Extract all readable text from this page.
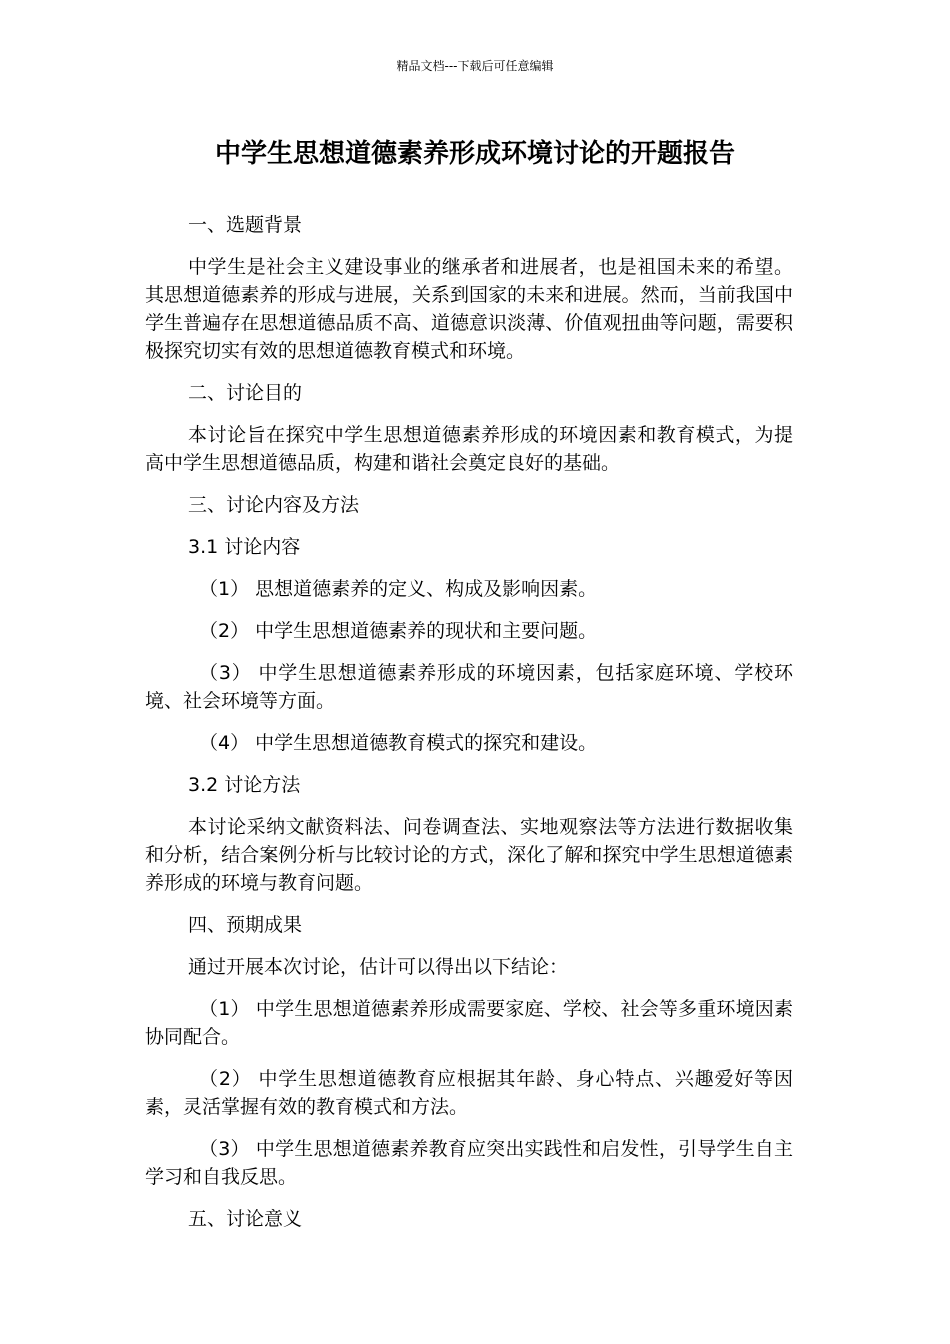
精品文档---下载后可任意编辑
中学生思想道德素养形成环境讨论的开题报告

一、选题背景

中学生是社会主义建设事业的继承者和进展者，也是祖国未来的希望。其思想道德素养的形成与进展，关系到国家的未来和进展。然而，当前我国中学生普遍存在思想道德品质不高、道德意识淡薄、价值观扭曲等问题，需要积极探究切实有效的思想道德教育模式和环境。

二、讨论目的

本讨论旨在探究中学生思想道德素养形成的环境因素和教育模式，为提高中学生思想道德品质，构建和谐社会奠定良好的基础。

三、讨论内容及方法

3.1 讨论内容

（1） 思想道德素养的定义、构成及影响因素。

（2） 中学生思想道德素养的现状和主要问题。

（3） 中学生思想道德素养形成的环境因素，包括家庭环境、学校环境、社会环境等方面。

（4） 中学生思想道德教育模式的探究和建设。

3.2 讨论方法

本讨论采纳文献资料法、问卷调查法、实地观察法等方法进行数据收集和分析，结合案例分析与比较讨论的方式，深化了解和探究中学生思想道德素养形成的环境与教育问题。

四、预期成果

通过开展本次讨论，估计可以得出以下结论：

（1） 中学生思想道德素养形成需要家庭、学校、社会等多重环境因素协同配合。

（2） 中学生思想道德教育应根据其年龄、身心特点、兴趣爱好等因素，灵活掌握有效的教育模式和方法。

（3） 中学生思想道德素养教育应突出实践性和启发性，引导学生自主学习和自我反思。

五、讨论意义
